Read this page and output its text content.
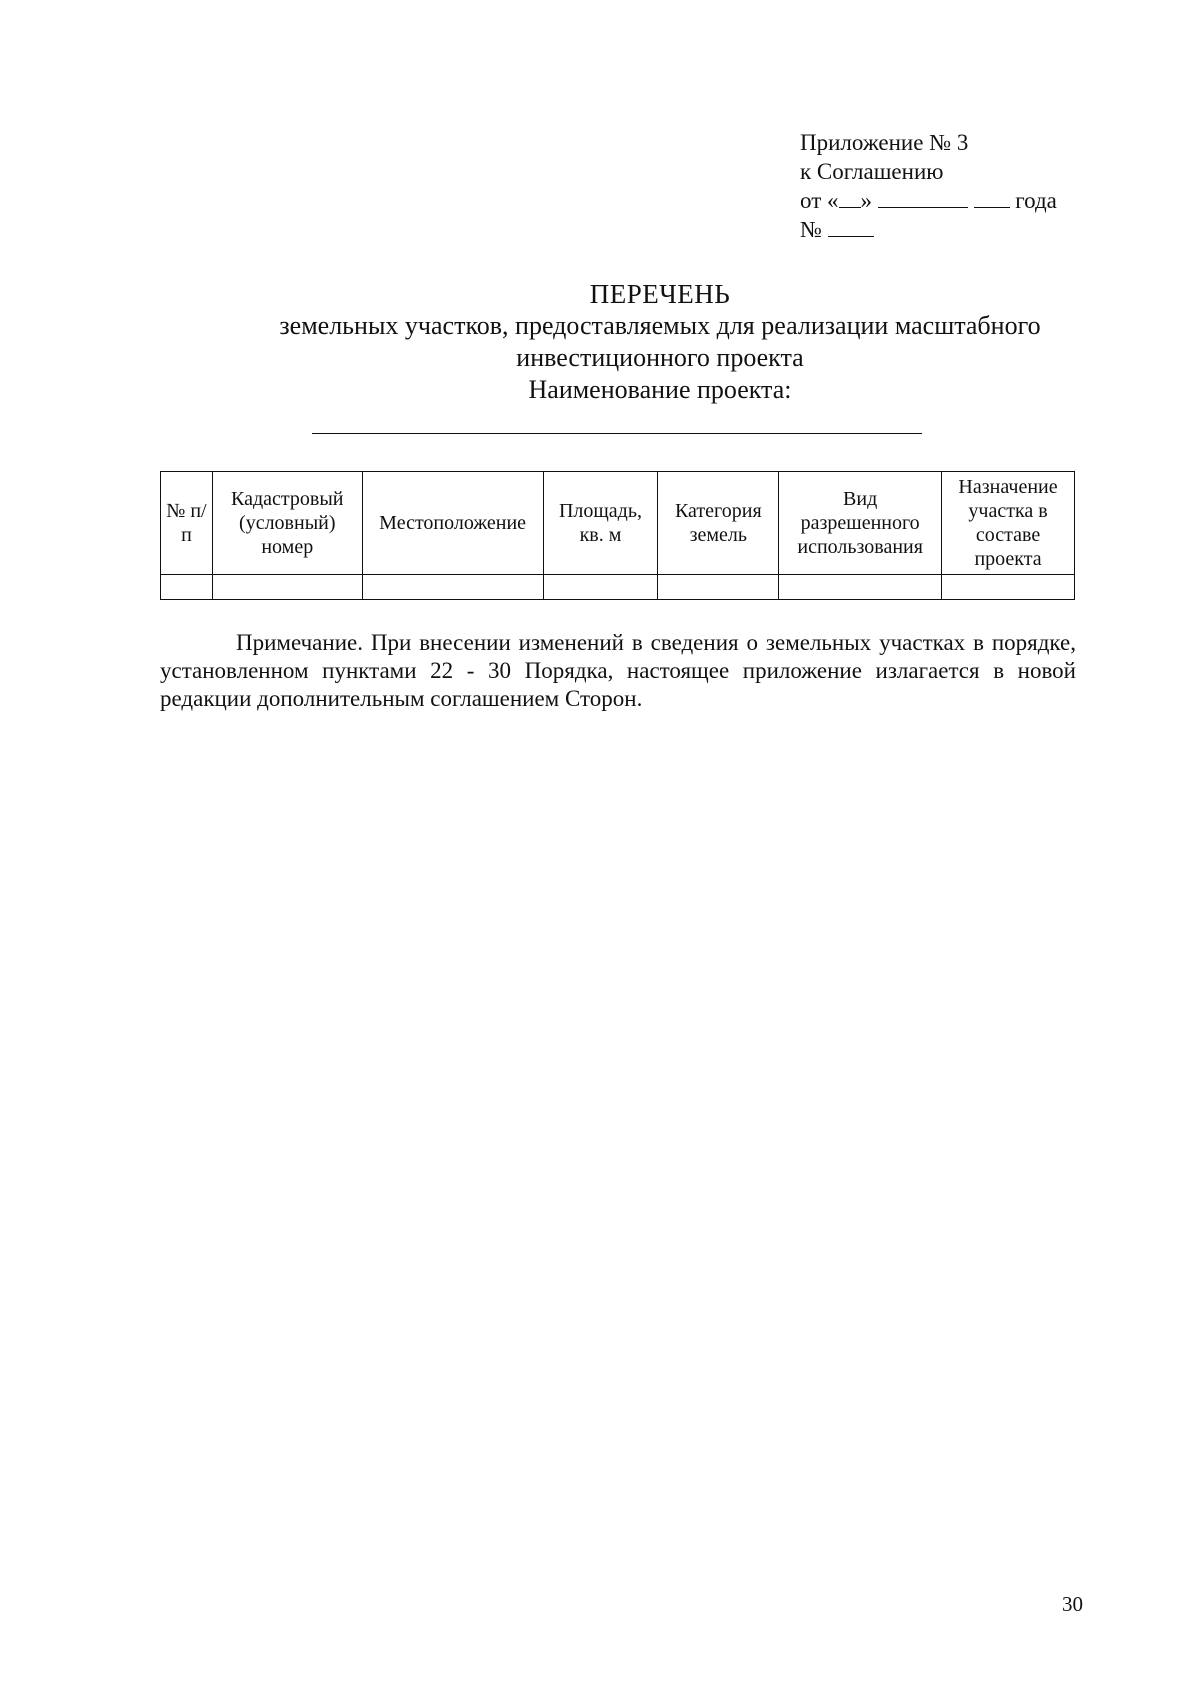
Приложение № 3
к Соглашению
от « »	года
№
ПЕРЕЧЕНЬ
земельных участков, предоставляемых для реализации масштабного
инвестиционного проекта
Наименование проекта:
№ п/п	Кадастровый (условный) номер	Местоположение	Площадь, кв. м	Категория земель	Вид разрешенного использования	Назначение участка в составе проекта

Примечание. При внесении изменений в сведения о земельных участках в порядке, установленном пунктами 22 - 30 Порядка, настоящее приложение излагается в новой редакции дополнительным соглашением Сторон.
30
